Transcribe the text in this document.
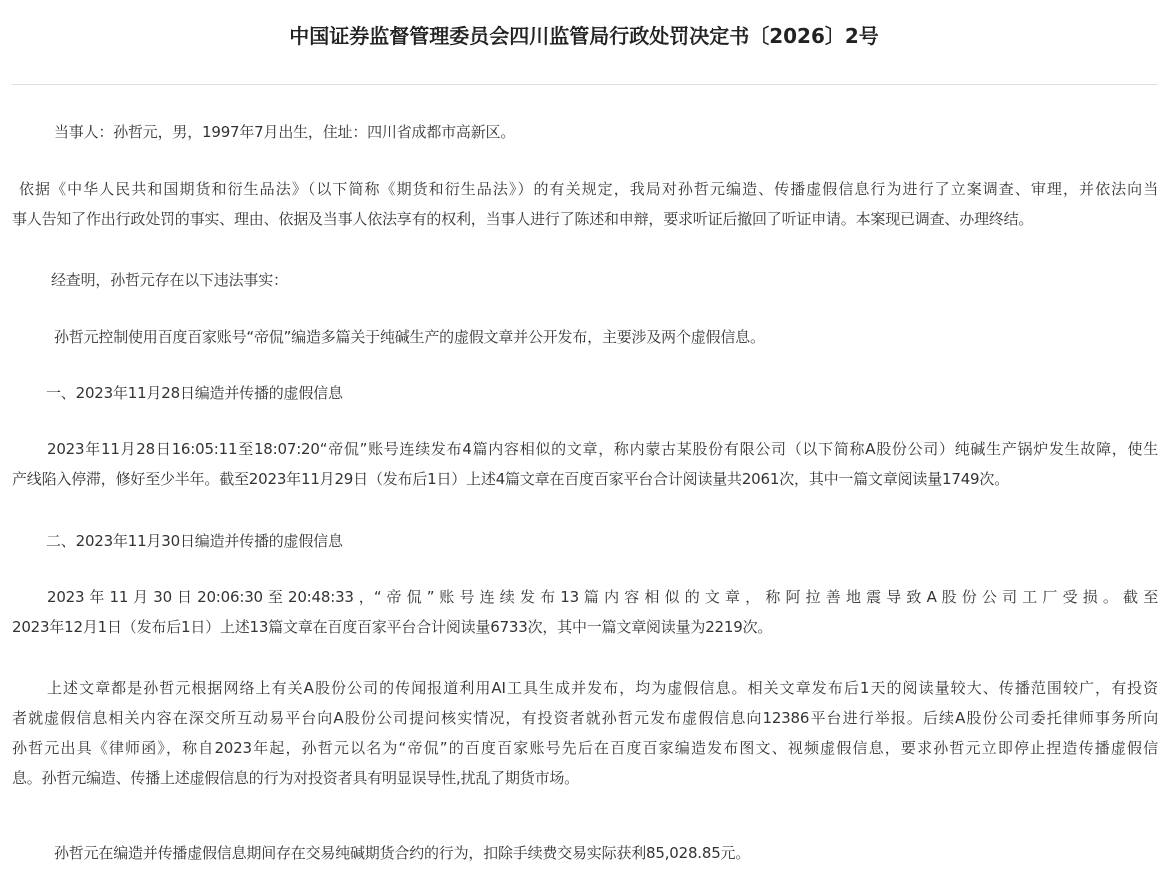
中国证券监督管理委员会四川监管局行政处罚决定书〔2026〕2号

当事人：孙哲元，男，1997年7月出生，住址：四川省成都市高新区。

依据《中华人民共和国期货和衍生品法》（以下简称《期货和衍生品法》）的有关规定，我局对孙哲元编造、传播虚假信息行为进行了立案调查、审理，并依法向当
事人告知了作出行政处罚的事实、理由、依据及当事人依法享有的权利，当事人进行了陈述和申辩，要求听证后撤回了听证申请。本案现已调查、办理终结。

经查明，孙哲元存在以下违法事实：

孙哲元控制使用百度百家账号“帝侃”编造多篇关于纯碱生产的虚假文章并公开发布，主要涉及两个虚假信息。

一、2023年11月28日编造并传播的虚假信息

2023年11月28日16:05:11至18:07:20“帝侃”账号连续发布4篇内容相似的文章，称内蒙古某股份有限公司（以下简称A股份公司）纯碱生产锅炉发生故障，使生
产线陷入停滞，修好至少半年。截至2023年11月29日（发布后1日）上述4篇文章在百度百家平台合计阅读量共2061次，其中一篇文章阅读量1749次。

二、2023年11月30日编造并传播的虚假信息

2023 年 11 月 30 日 20:06:30 至 20:48:33 ，“ 帝 侃 ” 账 号 连 续 发 布 13 篇 内 容 相 似 的 文 章 ， 称 阿 拉 善 地 震 导 致 A 股 份 公 司 工 厂 受 损 。 截 至
2023年12月1日（发布后1日）上述13篇文章在百度百家平台合计阅读量6733次，其中一篇文章阅读量为2219次。
上述文章都是孙哲元根据网络上有关A股份公司的传闻报道利用AI工具生成并发布，均为虚假信息。相关文章发布后1天的阅读量较大、传播范围较广，有投资
者就虚假信息相关内容在深交所互动易平台向A股份公司提问核实情况，有投资者就孙哲元发布虚假信息向12386平台进行举报。后续A股份公司委托律师事务所向
孙哲元出具《律师函》，称自2023年起，孙哲元以名为“帝侃”的百度百家账号先后在百度百家编造发布图文、视频虚假信息，要求孙哲元立即停止捏造传播虚假信
息。孙哲元编造、传播上述虚假信息的行为对投资者具有明显误导性,扰乱了期货市场。

孙哲元在编造并传播虚假信息期间存在交易纯碱期货合约的行为，扣除手续费交易实际获利85,028.85元。
